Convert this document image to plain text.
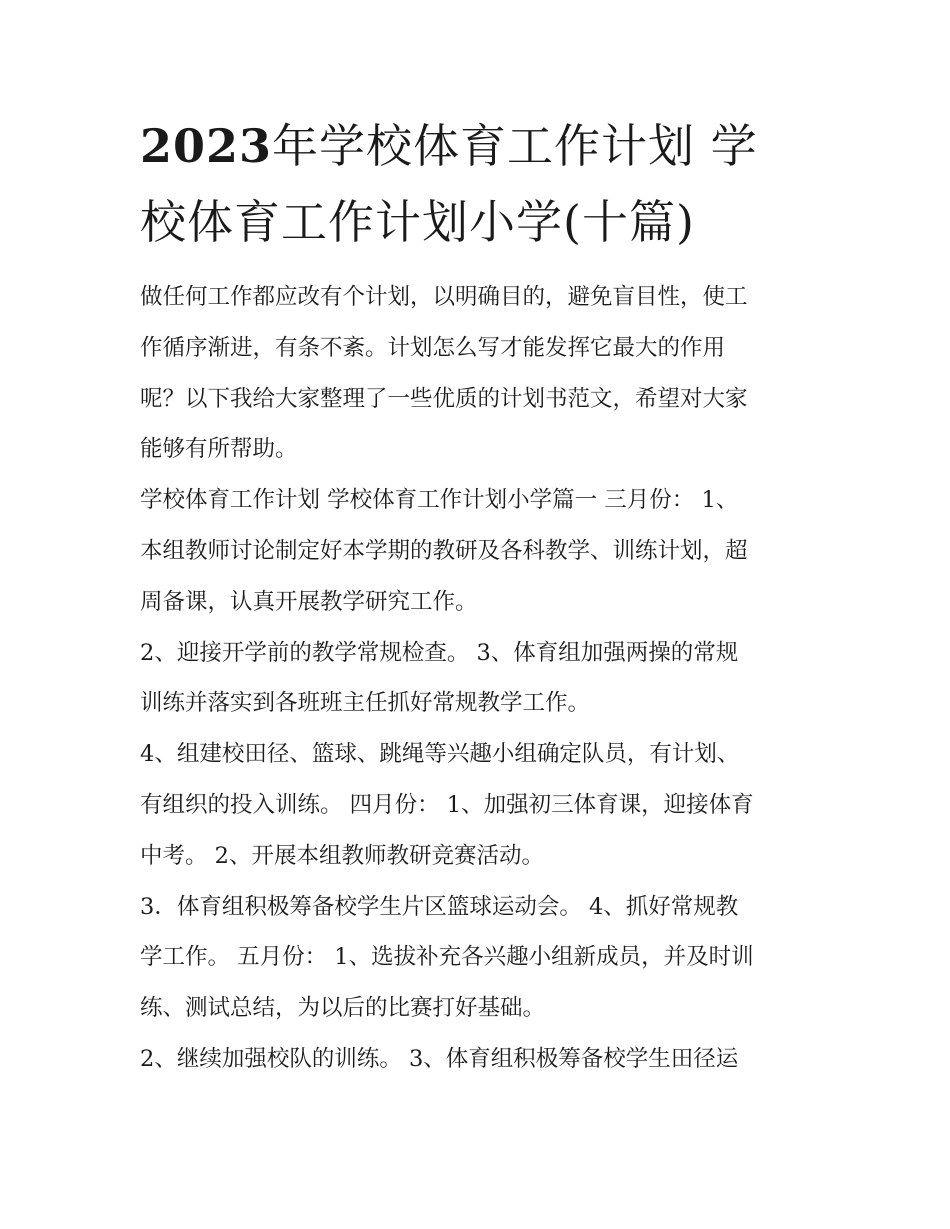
2023年学校体育工作计划 学
校体育工作计划小学(十篇)
做任何工作都应改有个计划，以明确目的，避免盲目性，使工
作循序渐进，有条不紊。计划怎么写才能发挥它最大的作用
呢？以下我给大家整理了一些优质的计划书范文，希望对大家
能够有所帮助。
学校体育工作计划 学校体育工作计划小学篇一 三月份： 1、
本组教师讨论制定好本学期的教研及各科教学、训练计划，超
周备课，认真开展教学研究工作。
2、迎接开学前的教学常规检查。 3、体育组加强两操的常规
训练并落实到各班班主任抓好常规教学工作。
4、组建校田径、篮球、跳绳等兴趣小组确定队员，有计划、
有组织的投入训练。 四月份： 1、加强初三体育课，迎接体育
中考。 2、开展本组教师教研竞赛活动。
3．体育组积极筹备校学生片区篮球运动会。 4、抓好常规教
学工作。 五月份： 1、选拔补充各兴趣小组新成员，并及时训
练、测试总结，为以后的比赛打好基础。
2、继续加强校队的训练。 3、体育组积极筹备校学生田径运
